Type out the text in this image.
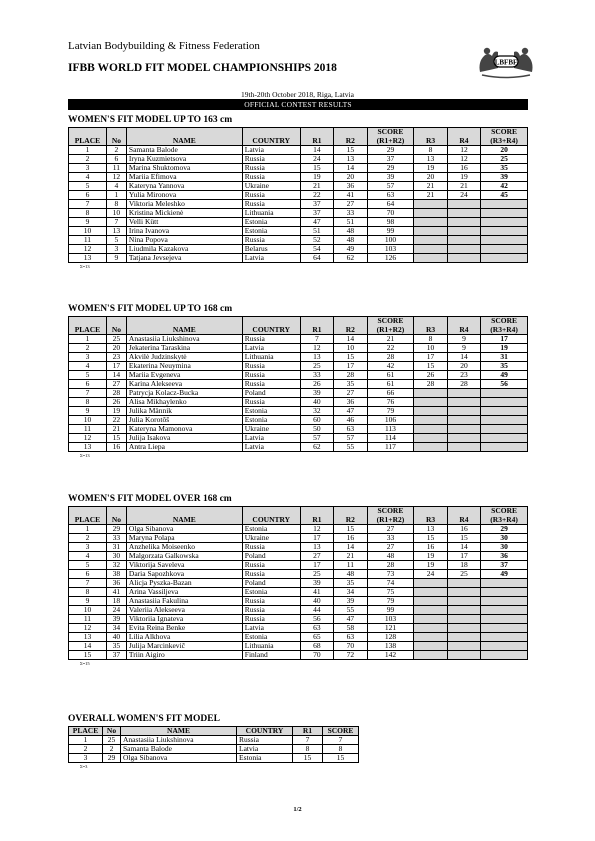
Latvian Bodybuilding & Fitness Federation
IFBB WORLD FIT MODEL CHAMPIONSHIPS 2018	LBFBF
19th-20th October 2018, Riga, Latvia
OFFICIAL CONTEST RESULTS
WOMEN'S FIT MODEL UP TO 163 cm
						SCORE			SCORE
PLACE	No	NAME	COUNTRY	R1	R2	(R1+R2)	R3	R4	(R3+R4)
1	2	Samanta Balode	Latvia	14	15	29	8	12	20
2	6	Iryna Kuzmietsova	Russia	24	13	37	13	12	25
3	11	Marina Shuktomova	Russia	15	14	29	19	16	35
4	12	Mariia Efimova	Russia	19	20	39	20	19	39
5	4	Kateryna Yannova	Ukraine	21	36	57	21	21	42
6	1	Yulia Mironova	Russia	22	41	63	21	24	45
7	8	Viktoria Meleshko	Russia	37	27	64			
8	10	Kristina Mickienė	Lithuania	37	33	70			
9	7	Velli Kütt	Estonia	47	51	98			
10	13	Irina Ivanova	Estonia	51	48	99			
11	5	Nina Popova	Russia	52	48	100			
12	3	Liudmila Kazakova	Belarus	54	49	103			
13	9	Tatjana Jevsejeva	Latvia	64	62	126			
Σ=13
WOMEN'S FIT MODEL UP TO 168 cm
						SCORE			SCORE
PLACE	No	NAME	COUNTRY	R1	R2	(R1+R2)	R3	R4	(R3+R4)
1	25	Anastasiia Liukshinova	Russia	7	14	21	8	9	17
2	20	Jekaterina Taraskina	Latvia	12	10	22	10	9	19
3	23	Akvilė Judzinskytė	Lithuania	13	15	28	17	14	31
4	17	Ekaterina Neuymina	Russia	25	17	42	15	20	35
5	14	Mariia Evgeneva	Russia	33	28	61	26	23	49
6	27	Karina Alekseeva	Russia	26	35	61	28	28	56
7	28	Patrycja Kolacz-Bucka	Poland	39	27	66			
8	26	Alisa Mikhaylenko	Russia	40	36	76			
9	19	Julika Männik	Estonia	32	47	79			
10	22	Julia Korotõš	Estonia	60	46	106			
11	21	Kateryna Mamonova	Ukraine	50	63	113			
12	15	Julija Isakova	Latvia	57	57	114			
13	16	Antra Liepa	Latvia	62	55	117			
Σ=13
WOMEN'S FIT MODEL OVER 168 cm
						SCORE			SCORE
PLACE	No	NAME	COUNTRY	R1	R2	(R1+R2)	R3	R4	(R3+R4)
1	29	Olga Sibanova	Estonia	12	15	27	13	16	29
2	33	Maryna Polapa	Ukraine	17	16	33	15	15	30
3	31	Anzhelika Moiseenko	Russia	13	14	27	16	14	30
4	30	Malgorzata Galkowska	Poland	27	21	48	19	17	36
5	32	Viktorija Saveleva	Russia	17	11	28	19	18	37
6	38	Daria Sapozhkova	Russia	25	48	73	24	25	49
7	36	Alicja Pyszka-Bazan	Poland	39	35	74			
8	41	Arina Vassiljeva	Estonia	41	34	75			
9	18	Anastasiia Fakulina	Russia	40	39	79			
10	24	Valeriia Alekseeva	Russia	44	55	99			
11	39	Viktoriia Ignateva	Russia	56	47	103			
12	34	Evita Reina Benke	Latvia	63	58	121			
13	40	Lilia Alkhova	Estonia	65	63	128			
14	35	Julija Marcinkevič	Lithuania	68	70	138			
15	37	Triin Aigiro	Finland	70	72	142			
Σ=15
OVERALL WOMEN'S FIT MODEL
PLACE	No	NAME	COUNTRY	R1	SCORE
1	25	Anastasiia Liukshinova	Russia	7	7
2	2	Samanta Balode	Latvia	8	8
3	29	Olga Sibanova	Estonia	15	15
Σ=3
1/2
